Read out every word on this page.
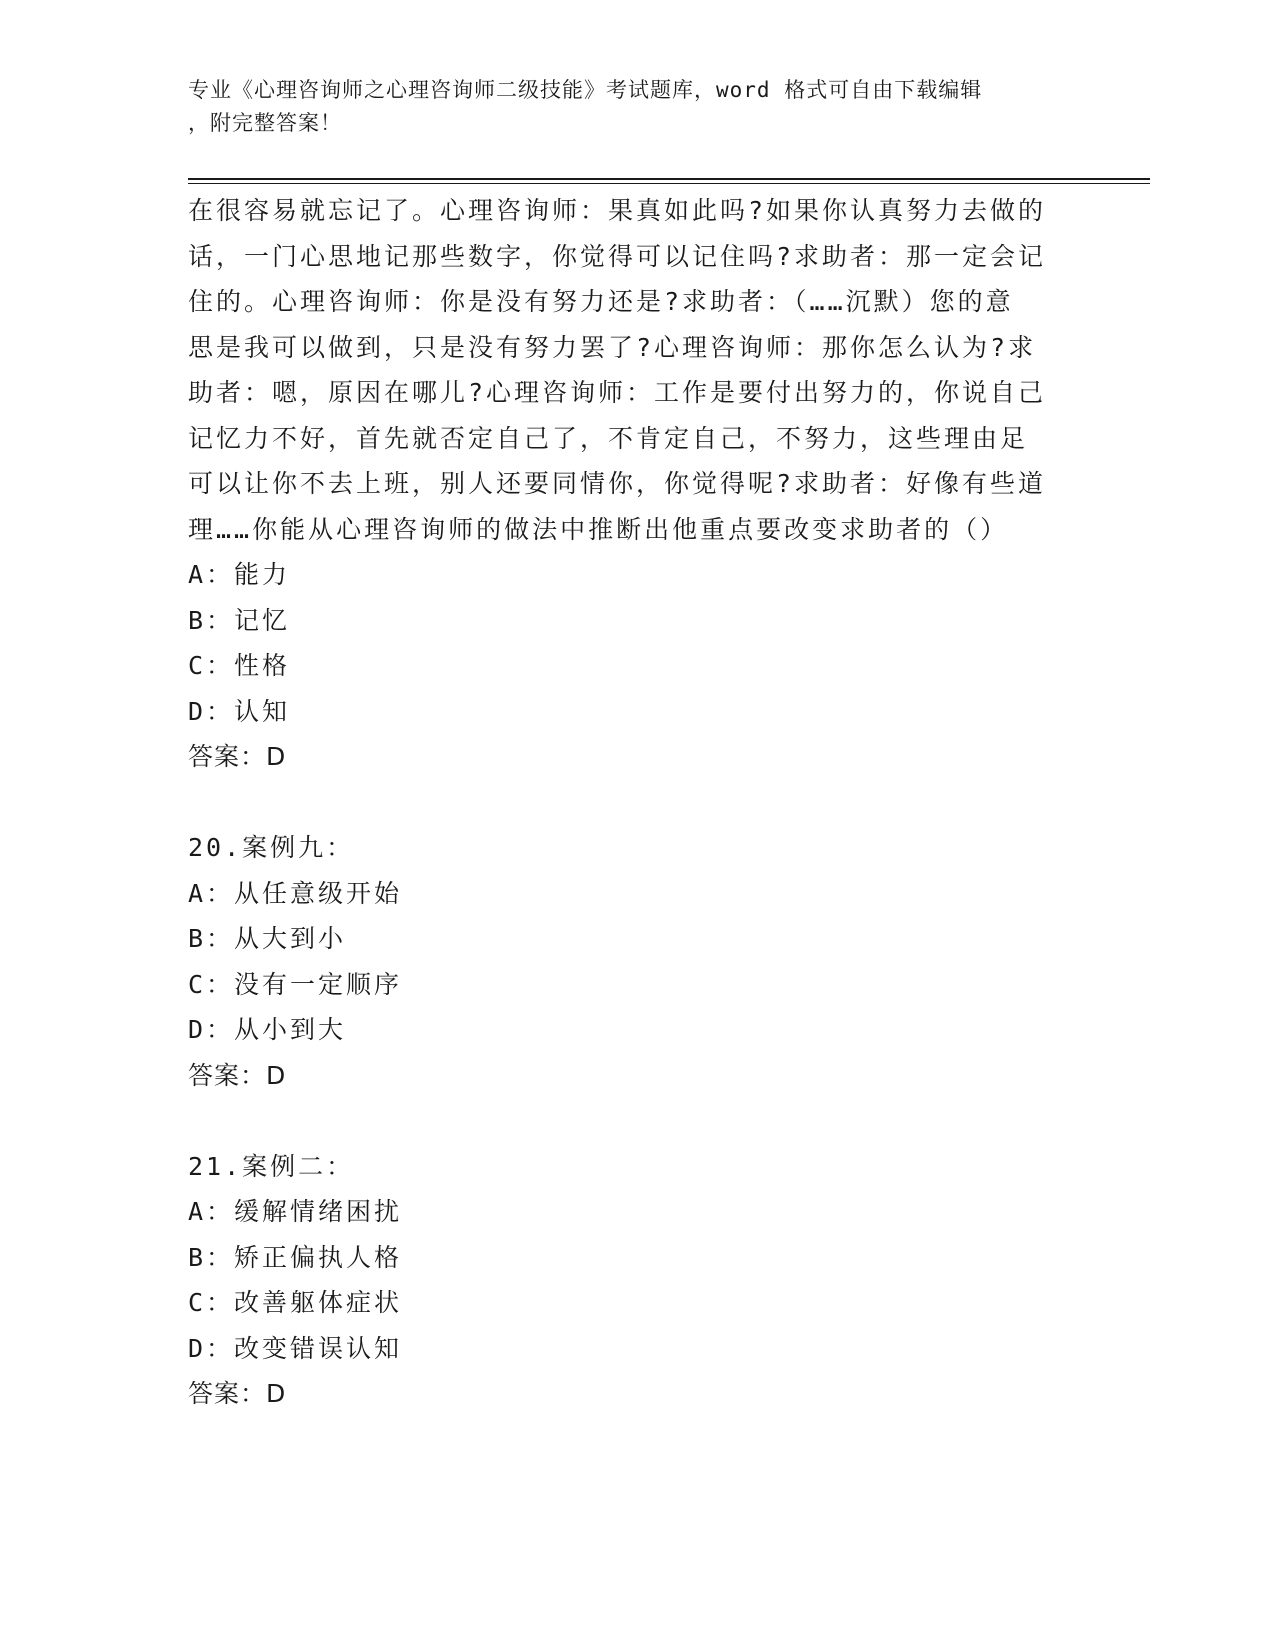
专业《心理咨询师之心理咨询师二级技能》考试题库，word 格式可自由下载编辑
，附完整答案！
在很容易就忘记了。心理咨询师：果真如此吗?如果你认真努力去做的
话，一门心思地记那些数字，你觉得可以记住吗?求助者：那一定会记
住的。心理咨询师：你是没有努力还是?求助者：（……沉默）您的意
思是我可以做到，只是没有努力罢了?心理咨询师：那你怎么认为?求
助者：嗯，原因在哪儿?心理咨询师：工作是要付出努力的，你说自己
记忆力不好，首先就否定自己了，不肯定自己，不努力，这些理由足
可以让你不去上班，别人还要同情你，你觉得呢?求助者：好像有些道
理……你能从心理咨询师的做法中推断出他重点要改变求助者的（）
A：能力
B：记忆
C：性格
D：认知
答案：D
20.案例九：
A：从任意级开始
B：从大到小
C：没有一定顺序
D：从小到大
答案：D
21.案例二：
A：缓解情绪困扰
B：矫正偏执人格
C：改善躯体症状
D：改变错误认知
答案：D
